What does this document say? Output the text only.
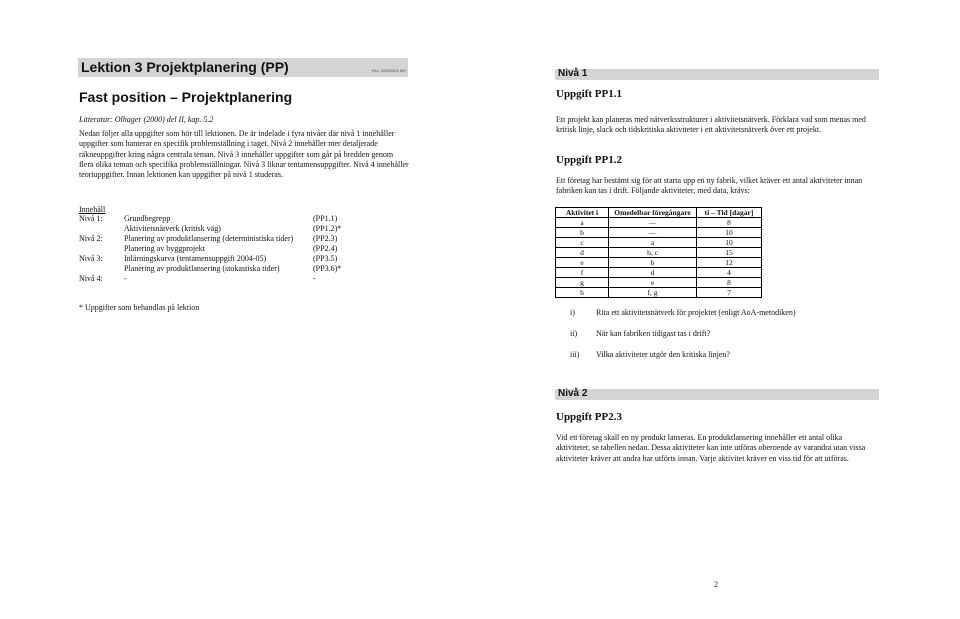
Lektion 3 Projektplanering (PP)	Rev. 20080304 MR
Fast position – Projektplanering
Litteratur: Olhager (2000) del II, kap. 5.2
Nedan följer alla uppgifter som hör till lektionen. De är indelade i fyra nivåer där nivå 1 innehåller uppgifter som hanterar en specifik problemställning i taget. Nivå 2 innehåller mer detaljerade räkneuppgifter kring några centrala teman. Nivå 3 innehåller uppgifter som går på bredden genom flera olika teman och specifika problemställningar. Nivå 3 liknar tentamensuppgifter. Nivå 4 innehåller teoriuppgifter. Innan lektionen kan uppgifter på nivå 1 studeras.
Innehåll
Nivå 1:	Grundbegrepp	(PP1.1)
Aktivitetsnätverk (kritisk väg)	(PP1.2)*
Nivå 2:	Planering av produktlansering (deterministiska tider) (PP2.3)
Planering av byggprojekt	(PP2.4)
Nivå 3:	Inlärningskurva (tentamensuppgift 2004-05)	(PP3.5)
Planering av produktlansering (stokastiska tider)	(PP3.6)*
Nivå 4:	-	-
* Uppgifter som behandlas på lektion
Nivå 1
Uppgift PP1.1
Ett projekt kan planeras med nätverksstrukturer i aktivitetsnätverk. Förklara vad som menas med kritisk linje, slack och tidskritiska aktiviteter i ett aktivitetsnätverk över ett projekt.
Uppgift PP1.2
Ett företag har bestämt sig för att starta upp en ny fabrik, vilket kräver ett antal aktiviteter innan fabriken kan tas i drift. Följande aktiviteter, med data, krävs:
Aktivitet i	Omedelbar föregångare	ti – Tid [dagar]
a	—	8
b	—	10
c	a	10
d	b, c	15
e	b	12
f	d	4
g	e	8
h	f, g	7
i)	Rita ett aktivitetsnätverk för projektet (enligt AoA-metodiken)
ii) När kan fabriken tidigast tas i drift?
iii) Vilka aktiviteter utgör den kritiska linjen?
Nivå 2
Uppgift PP2.3
Vid ett företag skall en ny produkt lanseras. En produktlansering innehåller ett antal olika aktiviteter, se tabellen nedan. Dessa aktiviteter kan inte utföras oberoende av varandra utan vissa aktiviteter kräver att andra har utförts innan. Varje aktivitet kräver en viss tid för att utföras.
2
